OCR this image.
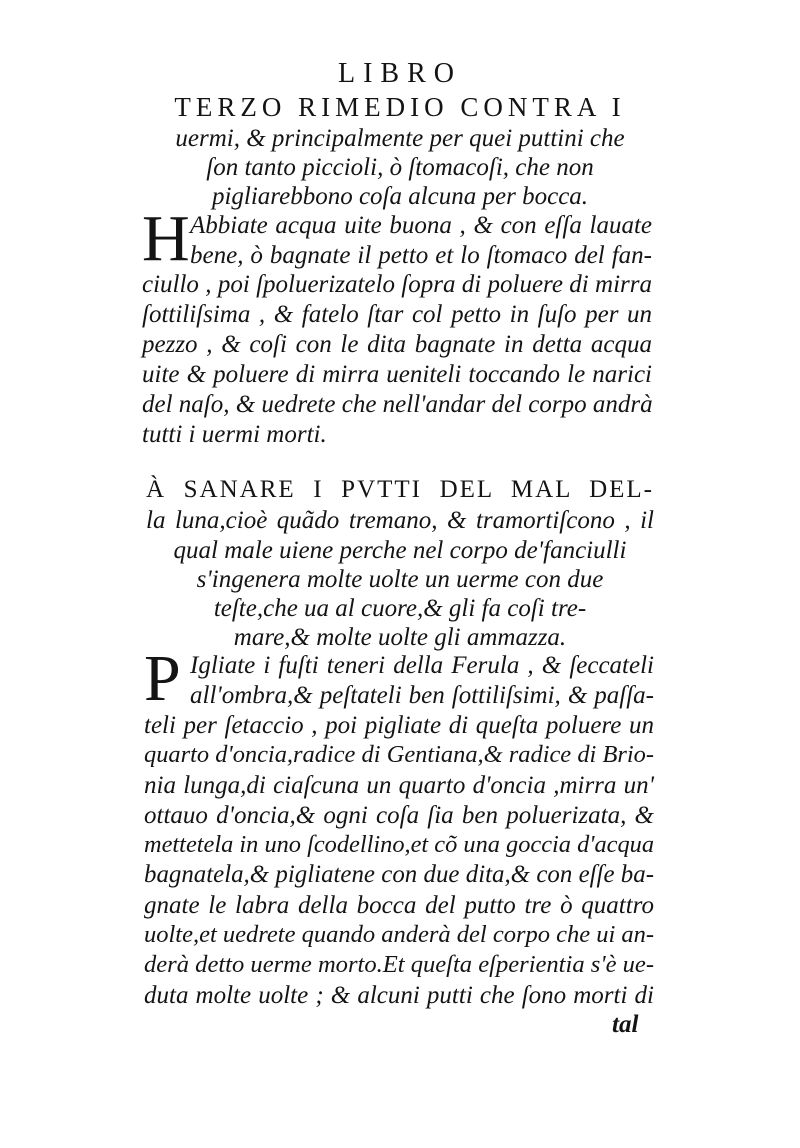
LIBRO
TERZO RIMEDIO CONTRA I
uermi, & principalmente per quei puttini che
ſon tanto piccioli, ò ſtomacoſi, che non
pigliarebbono coſa alcuna per bocca.
H Abbiate acqua uite buona , & con eſſa lauate
bene, ò bagnate il petto et lo ſtomaco del fan-
ciullo , poi ſpoluerizatelo ſopra di poluere di mirra
ſottiliſsima , & fatelo ſtar col petto in ſuſo per un
pezzo , & coſi con le dita bagnate in detta acqua
uite & poluere di mirra ueniteli toccando le narici
del naſo, & uedrete che nell'andar del corpo andrà
tutti i uermi morti.
À SANARE I PVTTI DEL MAL DEL-
la luna,cioè quãdo tremano, & tramortiſcono , il
qual male uiene perche nel corpo de'fanciulli
s'ingenera molte uolte un uerme con due
teſte,che ua al cuore,& gli fa coſi tre-
mare,& molte uolte gli ammazza.
P Igliate i fuſti teneri della Ferula , & ſeccateli
all'ombra,& peſtateli ben ſottiliſsimi, & paſſa-
teli per ſetaccio , poi pigliate di queſta poluere un
quarto d'oncia,radice di Gentiana,& radice di Brio-
nia lunga,di ciaſcuna un quarto d'oncia ,mirra un'
ottauo d'oncia,& ogni coſa ſia ben poluerizata, &
mettetela in uno ſcodellino,et cõ una goccia d'acqua
bagnatela,& pigliatene con due dita,& con eſſe ba-
gnate le labra della bocca del putto tre ò quattro
uolte,et uedrete quando anderà del corpo che ui an-
derà detto uerme morto.Et queſta eſperientia s'è ue-
duta molte uolte ; & alcuni putti che ſono morti di
tal
